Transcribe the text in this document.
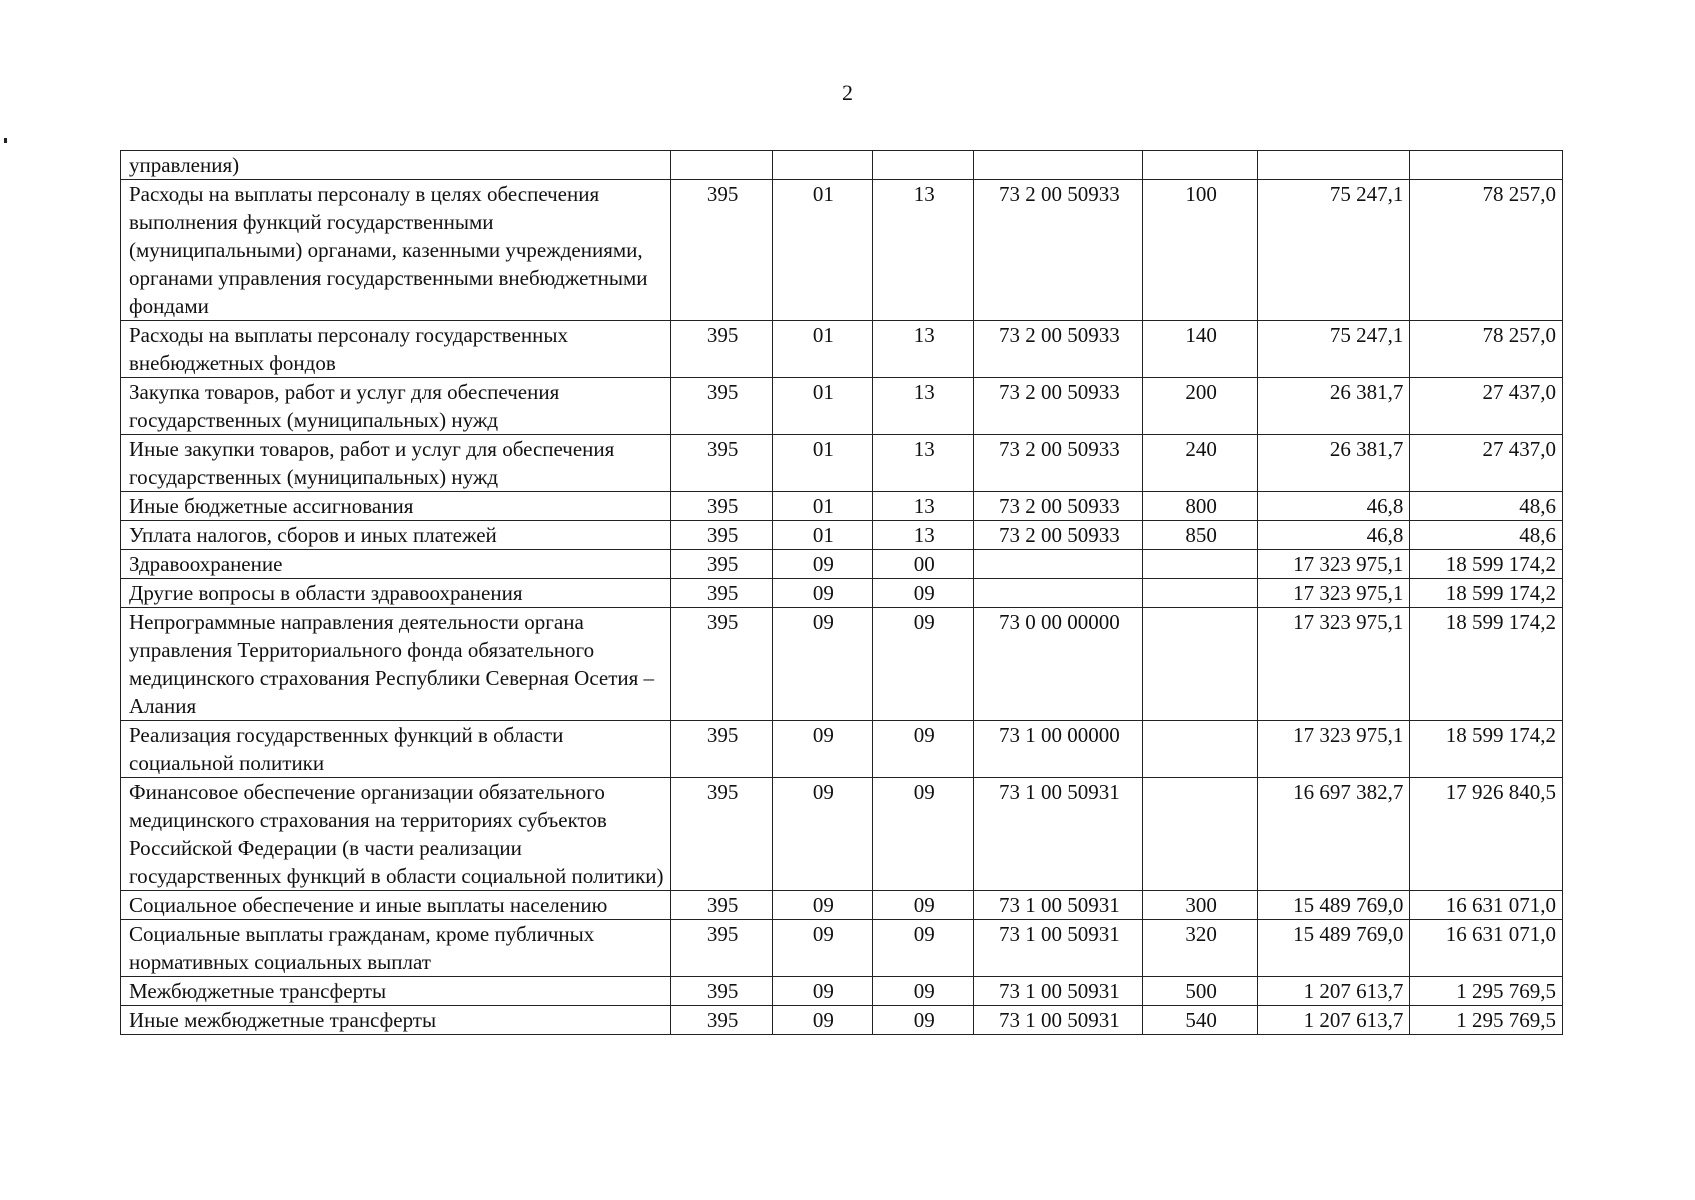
2
управления)							
Расходы на выплаты персоналу в целях обеспечения выполнения функций государственными (муниципальными) органами, казенными учреждениями, органами управления государственными внебюджетными фондами	395	01	13	73 2 00 50933	100	75 247,1	78 257,0
Расходы на выплаты персоналу государственных внебюджетных фондов	395	01	13	73 2 00 50933	140	75 247,1	78 257,0
Закупка товаров, работ и услуг для обеспечения государственных (муниципальных) нужд	395	01	13	73 2 00 50933	200	26 381,7	27 437,0
Иные закупки товаров, работ и услуг для обеспечения государственных (муниципальных) нужд	395	01	13	73 2 00 50933	240	26 381,7	27 437,0
Иные бюджетные ассигнования	395	01	13	73 2 00 50933	800	46,8	48,6
Уплата налогов, сборов и иных платежей	395	01	13	73 2 00 50933	850	46,8	48,6
Здравоохранение	395	09	00			17 323 975,1	18 599 174,2
Другие вопросы в области здравоохранения	395	09	09			17 323 975,1	18 599 174,2
Непрограммные направления деятельности органа управления Территориального фонда обязательного медицинского страхования Республики Северная Осетия – Алания	395	09	09	73 0 00 00000		17 323 975,1	18 599 174,2
Реализация государственных функций в области социальной политики	395	09	09	73 1 00 00000		17 323 975,1	18 599 174,2
Финансовое обеспечение организации обязательного медицинского страхования на территориях субъектов Российской Федерации (в части реализации государственных функций в области социальной политики)	395	09	09	73 1 00 50931		16 697 382,7	17 926 840,5
Социальное обеспечение и иные выплаты населению	395	09	09	73 1 00 50931	300	15 489 769,0	16 631 071,0
Социальные выплаты гражданам, кроме публичных нормативных социальных выплат	395	09	09	73 1 00 50931	320	15 489 769,0	16 631 071,0
Межбюджетные трансферты	395	09	09	73 1 00 50931	500	1 207 613,7	1 295 769,5
Иные межбюджетные трансферты	395	09	09	73 1 00 50931	540	1 207 613,7	1 295 769,5
